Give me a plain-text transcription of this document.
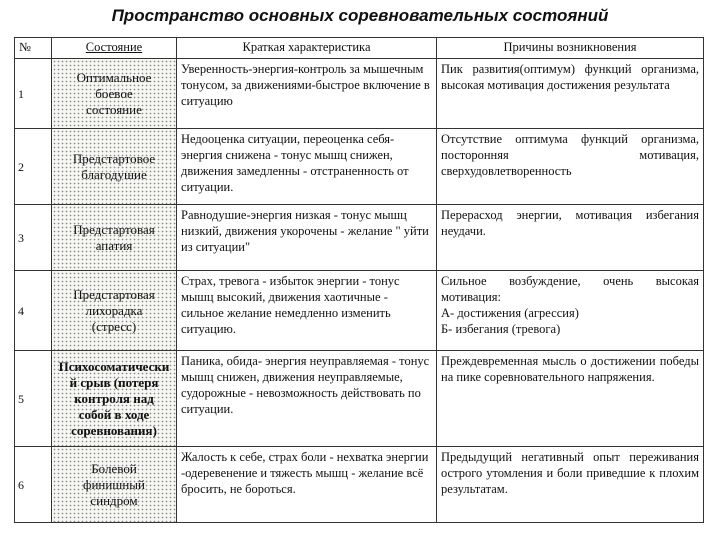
Пространство основных соревновательных состояний
№	Состояние	Краткая характеристика	Причины возникновения
1	Оптимальное
боевое
состояние	Уверенность-энергия-контроль за мышечным тонусом, за движениями-быстрое включение в ситуацию	Пик развития(оптимум) функций организма, высокая мотивация достижения результата
2	Предстартовое
благодушие	Недооценка ситуации, переоценка себя-энергия снижена - тонус мышц снижен, движения замедленны - отстраненность от ситуации.	Отсутствие оптимума функций организма, посторонняя мотивация, сверхудовлетворенность
3	Предстартовая
апатия	Равнодушие-энергия низкая - тонус мышц низкий, движения укорочены - желание " уйти из ситуации"	Перерасход энергии, мотивация избегания неудачи.
4	Предстартовая
лихорадка
(стресс)	Страх, тревога - избыток энергии - тонус мышц высокий, движения хаотичные - сильное желание немедленно изменить ситуацию.	Сильное возбуждение, очень высокая мотивация:
А- достижения (агрессия)
Б- избегания (тревога)
5	Психосоматически
й срыв (потеря
контроля над
собой в ходе
соревнования)	Паника, обида- энергия неуправляемая - тонус мышц снижен, движения неуправляемые, судорожные - невозможность действовать по ситуации.	Преждевременная мысль о достижении победы на пике соревновательного напряжения.
6	Болевой
финишный
синдром	Жалость к себе, страх боли - нехватка энергии -одеревенение и тяжесть мышц - желание всё бросить, не бороться.	Предыдущий негативный опыт переживания острого утомления и боли приведшие к плохим результатам.
